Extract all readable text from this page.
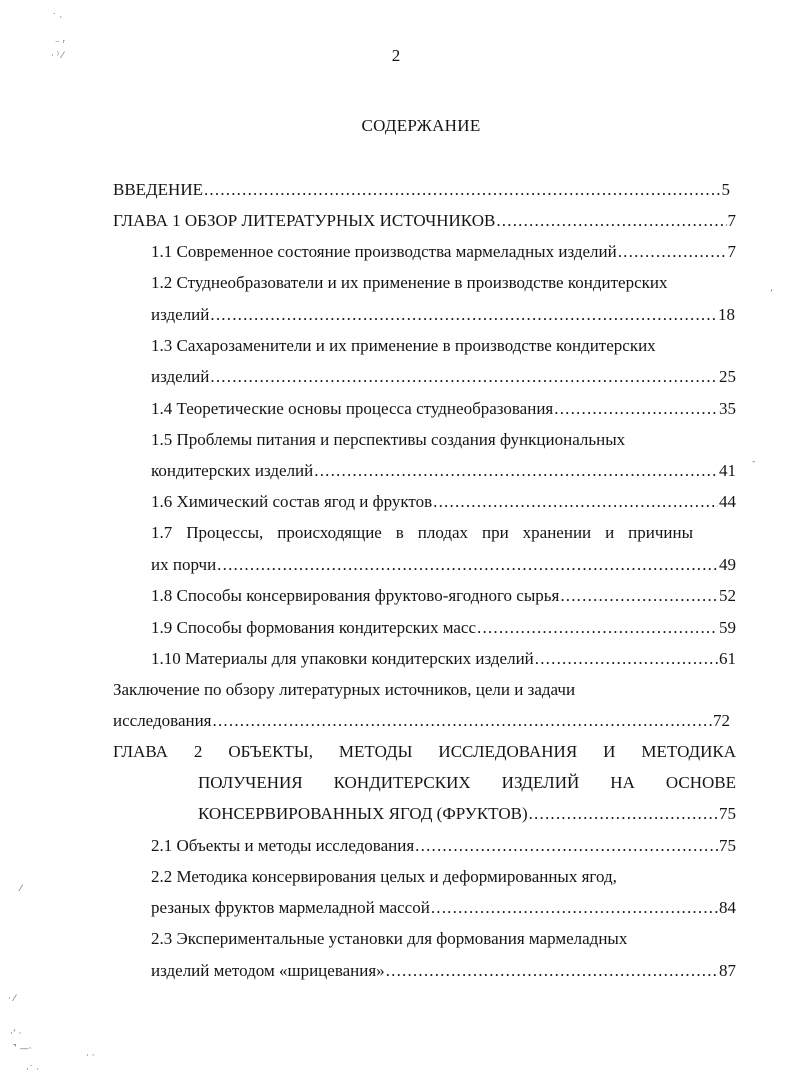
˙ ·
⁻ ʳ
· ⁾ ⁄
⁄
· ⁄
·ʼ ·
ʼ̃ —·
·˙ ·
· ·
ʼ
-
2
СОДЕРЖАНИЕ
ВВЕДЕНИЕ .....	5
ГЛАВА 1 ОБЗОР ЛИТЕРАТУРНЫХ ИСТОЧНИКОВ .....	7
1.1 Современное состояние производства мармеладных изделий .....	7
1.2 Студнеобразователи и их применение в производстве кондитерских
изделий .....	18
1.3 Сахарозаменители и их применение в производстве кондитерских
изделий .....	25
1.4 Теоретические основы процесса студнеобразования .....	35
1.5 Проблемы питания и перспективы создания функциональных
кондитерских изделий .....	41
1.6 Химический состав ягод и фруктов .....	44
1.7 Процессы, происходящие в плодах при хранении и причины
их порчи .....	49
1.8 Способы консервирования фруктово-ягодного сырья .....	52
1.9 Способы формования кондитерских масс .....	59
1.10 Материалы для упаковки кондитерских изделий .....	61
Заключение по обзору литературных источников, цели и задачи
исследования .....	72
ГЛАВА 2 ОБЪЕКТЫ, МЕТОДЫ ИССЛЕДОВАНИЯ И МЕТОДИКА
ПОЛУЧЕНИЯ КОНДИТЕРСКИХ ИЗДЕЛИЙ НА ОСНОВЕ
КОНСЕРВИРОВАННЫХ ЯГОД (ФРУКТОВ) .....	75
2.1 Объекты и методы исследования .....	75
2.2 Методика консервирования целых и деформированных ягод,
резаных фруктов мармеладной массой .....	84
2.3 Экспериментальные установки для формования мармеладных
изделий методом «шрицевания» .....	87
